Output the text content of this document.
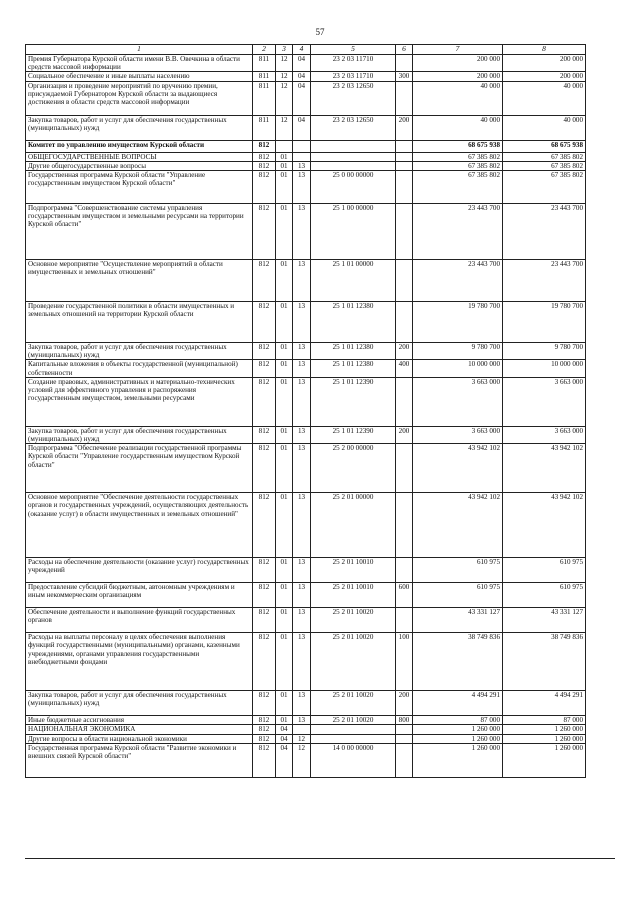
57
1	2	3	4	5	6	7	8
Премия Губернатора Курской области имени В.В. Овечкина в области средств массовой информации	811	12	04	23 2 03 11710		200 000	200 000
Социальное обеспечение и иные выплаты населению	811	12	04	23 2 03 11710	300	200 000	200 000
Организация и проведение мероприятий по вручению премии, присуждаемой Губернатором Курской области за выдающиеся достижения в области средств массовой информации	811	12	04	23 2 03 12650		40 000	40 000
Закупка товаров, работ и услуг для обеспечения государственных (муниципальных) нужд	811	12	04	23 2 03 12650	200	40 000	40 000
Комитет по управлению имуществом Курской области	812					68 675 938	68 675 938
ОБЩЕГОСУДАРСТВЕННЫЕ ВОПРОСЫ	812	01				67 385 802	67 385 802
Другие общегосударственные вопросы	812	01	13			67 385 802	67 385 802
Государственная программа Курской области "Управление государственным имуществом Курской области"	812	01	13	25 0 00 00000		67 385 802	67 385 802
Подпрограмма "Совершенствование системы управления государственным имуществом и земельными ресурсами на территории Курской области"	812	01	13	25 1 00 00000		23 443 700	23 443 700
Основное мероприятие "Осуществление мероприятий в области имущественных и земельных отношений"	812	01	13	25 1 01 00000		23 443 700	23 443 700
Проведение государственной политики в области имущественных и земельных отношений на территории Курской области	812	01	13	25 1 01 12380		19 780 700	19 780 700
Закупка товаров, работ и услуг для обеспечения государственных (муниципальных) нужд	812	01	13	25 1 01 12380	200	9 780 700	9 780 700
Капитальные вложения в объекты государственной (муниципальной) собственности	812	01	13	25 1 01 12380	400	10 000 000	10 000 000
Создание правовых, административных и материально-технических условий для эффективного управления и распоряжения государственным имуществом, земельными ресурсами	812	01	13	25 1 01 12390		3 663 000	3 663 000
Закупка товаров, работ и услуг для обеспечения государственных (муниципальных) нужд	812	01	13	25 1 01 12390	200	3 663 000	3 663 000
Подпрограмма "Обеспечение реализации государственной программы Курской области "Управление государственным имуществом Курской области"	812	01	13	25 2 00 00000		43 942 102	43 942 102
Основное мероприятие "Обеспечение деятельности государственных органов и государственных учреждений, осуществляющих деятельность (оказание услуг) в области имущественных и земельных отношений"	812	01	13	25 2 01 00000		43 942 102	43 942 102
Расходы на обеспечение деятельности (оказание услуг) государственных учреждений	812	01	13	25 2 01 10010		610 975	610 975
Предоставление субсидий бюджетным, автономным учреждениям и иным некоммерческим организациям	812	01	13	25 2 01 10010	600	610 975	610 975
Обеспечение деятельности и выполнение функций государственных органов	812	01	13	25 2 01 10020		43 331 127	43 331 127
Расходы на выплаты персоналу в целях обеспечения выполнения функций государственными (муниципальными) органами, казенными учреждениями, органами управления государственными внебюджетными фондами	812	01	13	25 2 01 10020	100	38 749 836	38 749 836
Закупка товаров, работ и услуг для обеспечения государственных (муниципальных) нужд	812	01	13	25 2 01 10020	200	4 494 291	4 494 291
Иные бюджетные ассигнования	812	01	13	25 2 01 10020	800	87 000	87 000
НАЦИОНАЛЬНАЯ ЭКОНОМИКА	812	04				1 260 000	1 260 000
Другие вопросы в области национальной экономики	812	04	12			1 260 000	1 260 000
Государственная программа Курской области "Развитие экономики и внешних связей Курской области"	812	04	12	14 0 00 00000		1 260 000	1 260 000
